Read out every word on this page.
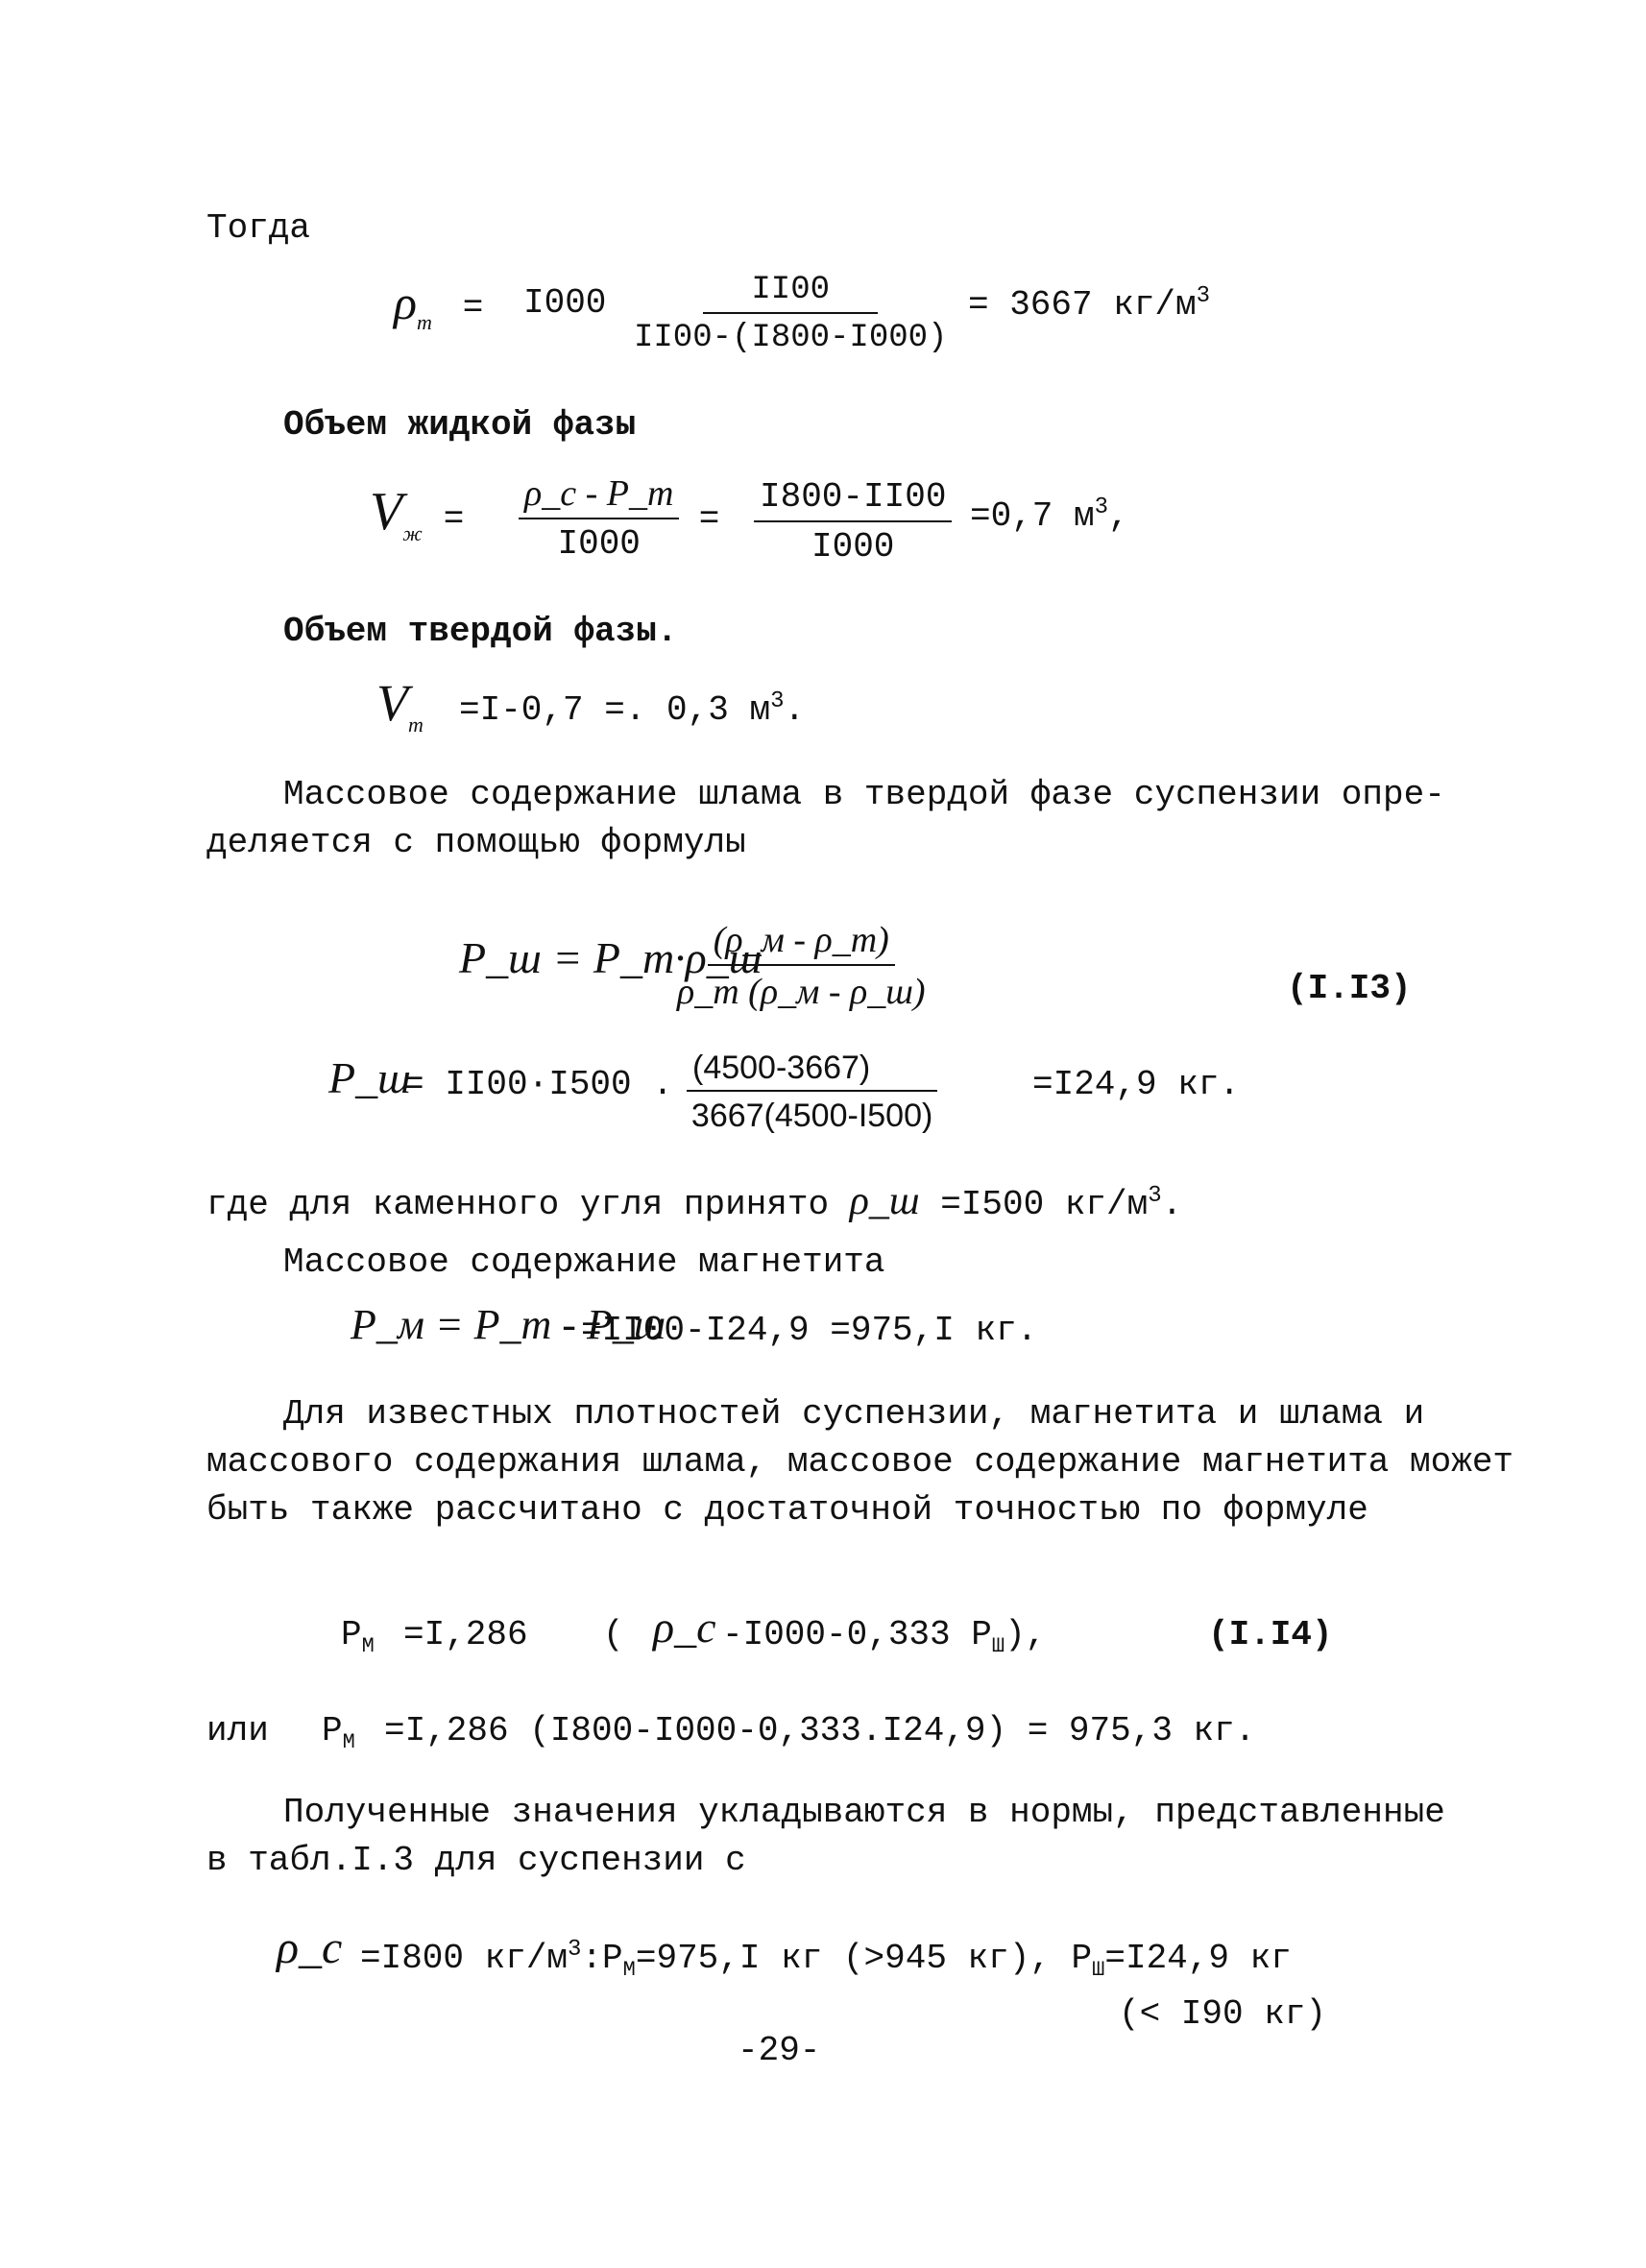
Тогда
$\rho_т = I000 \frac{II00}{II00-(I800-I000)} = 3667$ $кг/м^3$
Объем жидкой фазы
$V_ж$ =
ρ_c - P_т
I000
= $\frac{I800-II00}{I000} =0,7$ $м^3$,
Объем твердой фазы.
$V_т =I-0,7$ =. 0,3 $м^3$.
Массовое содержание шлама в твердой фазе суспензии опре-
деляется с помощью формулы
P_ш = P_т·ρ_ш
(ρ_м - ρ_т)
ρ_т (ρ_м - ρ_ш)	(I.I3)
P_ш
= II00·I500 . $\frac{(4500-3667)}{3667(4500-I500)}$	=I24,9 кг.
где для каменного угля принято ρ_ш =I500 $кг/м^3$.
Массовое содержание магнетита
P_м = P_т - P_ш
=II00-I24,9 =975,I кг.
Для известных плотностей суспензии, магнетита и шлама и
массового содержания шлама, массовое содержание магнетита может
быть также рассчитано с достаточной точностью по формуле
$P_М =I,286$ ( ρ_c -I000-0,333 $P_Ш$),	(I.I4)
или $P_М =I,286$ (I800-I000-0,333.I24,9) = 975,3 кг.
Полученные значения укладываются в нормы, представленные
в табл.I.3 для суспензии с
ρ_c =I800 $кг/м^3:P_М=975,I$ кг (>945 кг), $P_Ш=I24,9$ кг
(< I90 кг)
-29-
